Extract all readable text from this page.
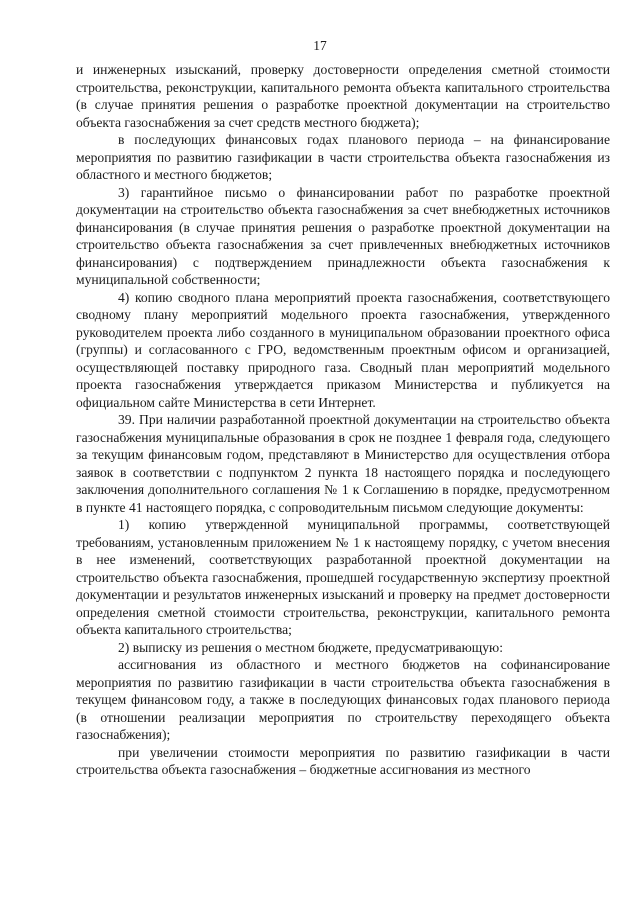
17

и инженерных изысканий, проверку достоверности определения сметной стоимости строительства, реконструкции, капитального ремонта объекта капитального строительства (в случае принятия решения о разработке проектной документации на строительство объекта газоснабжения за счет средств местного бюджета);

в последующих финансовых годах планового периода – на финансирование мероприятия по развитию газификации в части строительства объекта газоснабжения из областного и местного бюджетов;

3) гарантийное письмо о финансировании работ по разработке проектной документации на строительство объекта газоснабжения за счет внебюджетных источников финансирования (в случае принятия решения о разработке проектной документации на строительство объекта газоснабжения за счет привлеченных внебюджетных источников финансирования) с подтверждением принадлежности объекта газоснабжения к муниципальной собственности;

4) копию сводного плана мероприятий проекта газоснабжения, соответствующего сводному плану мероприятий модельного проекта газоснабжения, утвержденного руководителем проекта либо созданного в муниципальном образовании проектного офиса (группы) и согласованного с ГРО, ведомственным проектным офисом и организацией, осуществляющей поставку природного газа. Сводный план мероприятий модельного проекта газоснабжения утверждается приказом Министерства и публикуется на официальном сайте Министерства в сети Интернет.

39. При наличии разработанной проектной документации на строительство объекта газоснабжения муниципальные образования в срок не позднее 1 февраля года, следующего за текущим финансовым годом, представляют в Министерство для осуществления отбора заявок в соответствии с подпунктом 2 пункта 18 настоящего порядка и последующего заключения дополнительного соглашения № 1 к Соглашению в порядке, предусмотренном в пункте 41 настоящего порядка, с сопроводительным письмом следующие документы:

1) копию утвержденной муниципальной программы, соответствующей требованиям, установленным приложением № 1 к настоящему порядку, с учетом внесения в нее изменений, соответствующих разработанной проектной документации на строительство объекта газоснабжения, прошедшей государственную экспертизу проектной документации и результатов инженерных изысканий и проверку на предмет достоверности определения сметной стоимости строительства, реконструкции, капитального ремонта объекта капитального строительства;

2) выписку из решения о местном бюджете, предусматривающую:

ассигнования из областного и местного бюджетов на софинансирование мероприятия по развитию газификации в части строительства объекта газоснабжения в текущем финансовом году, а также в последующих финансовых годах планового периода (в отношении реализации мероприятия по строительству переходящего объекта газоснабжения);

при увеличении стоимости мероприятия по развитию газификации в части строительства объекта газоснабжения – бюджетные ассигнования из местного
